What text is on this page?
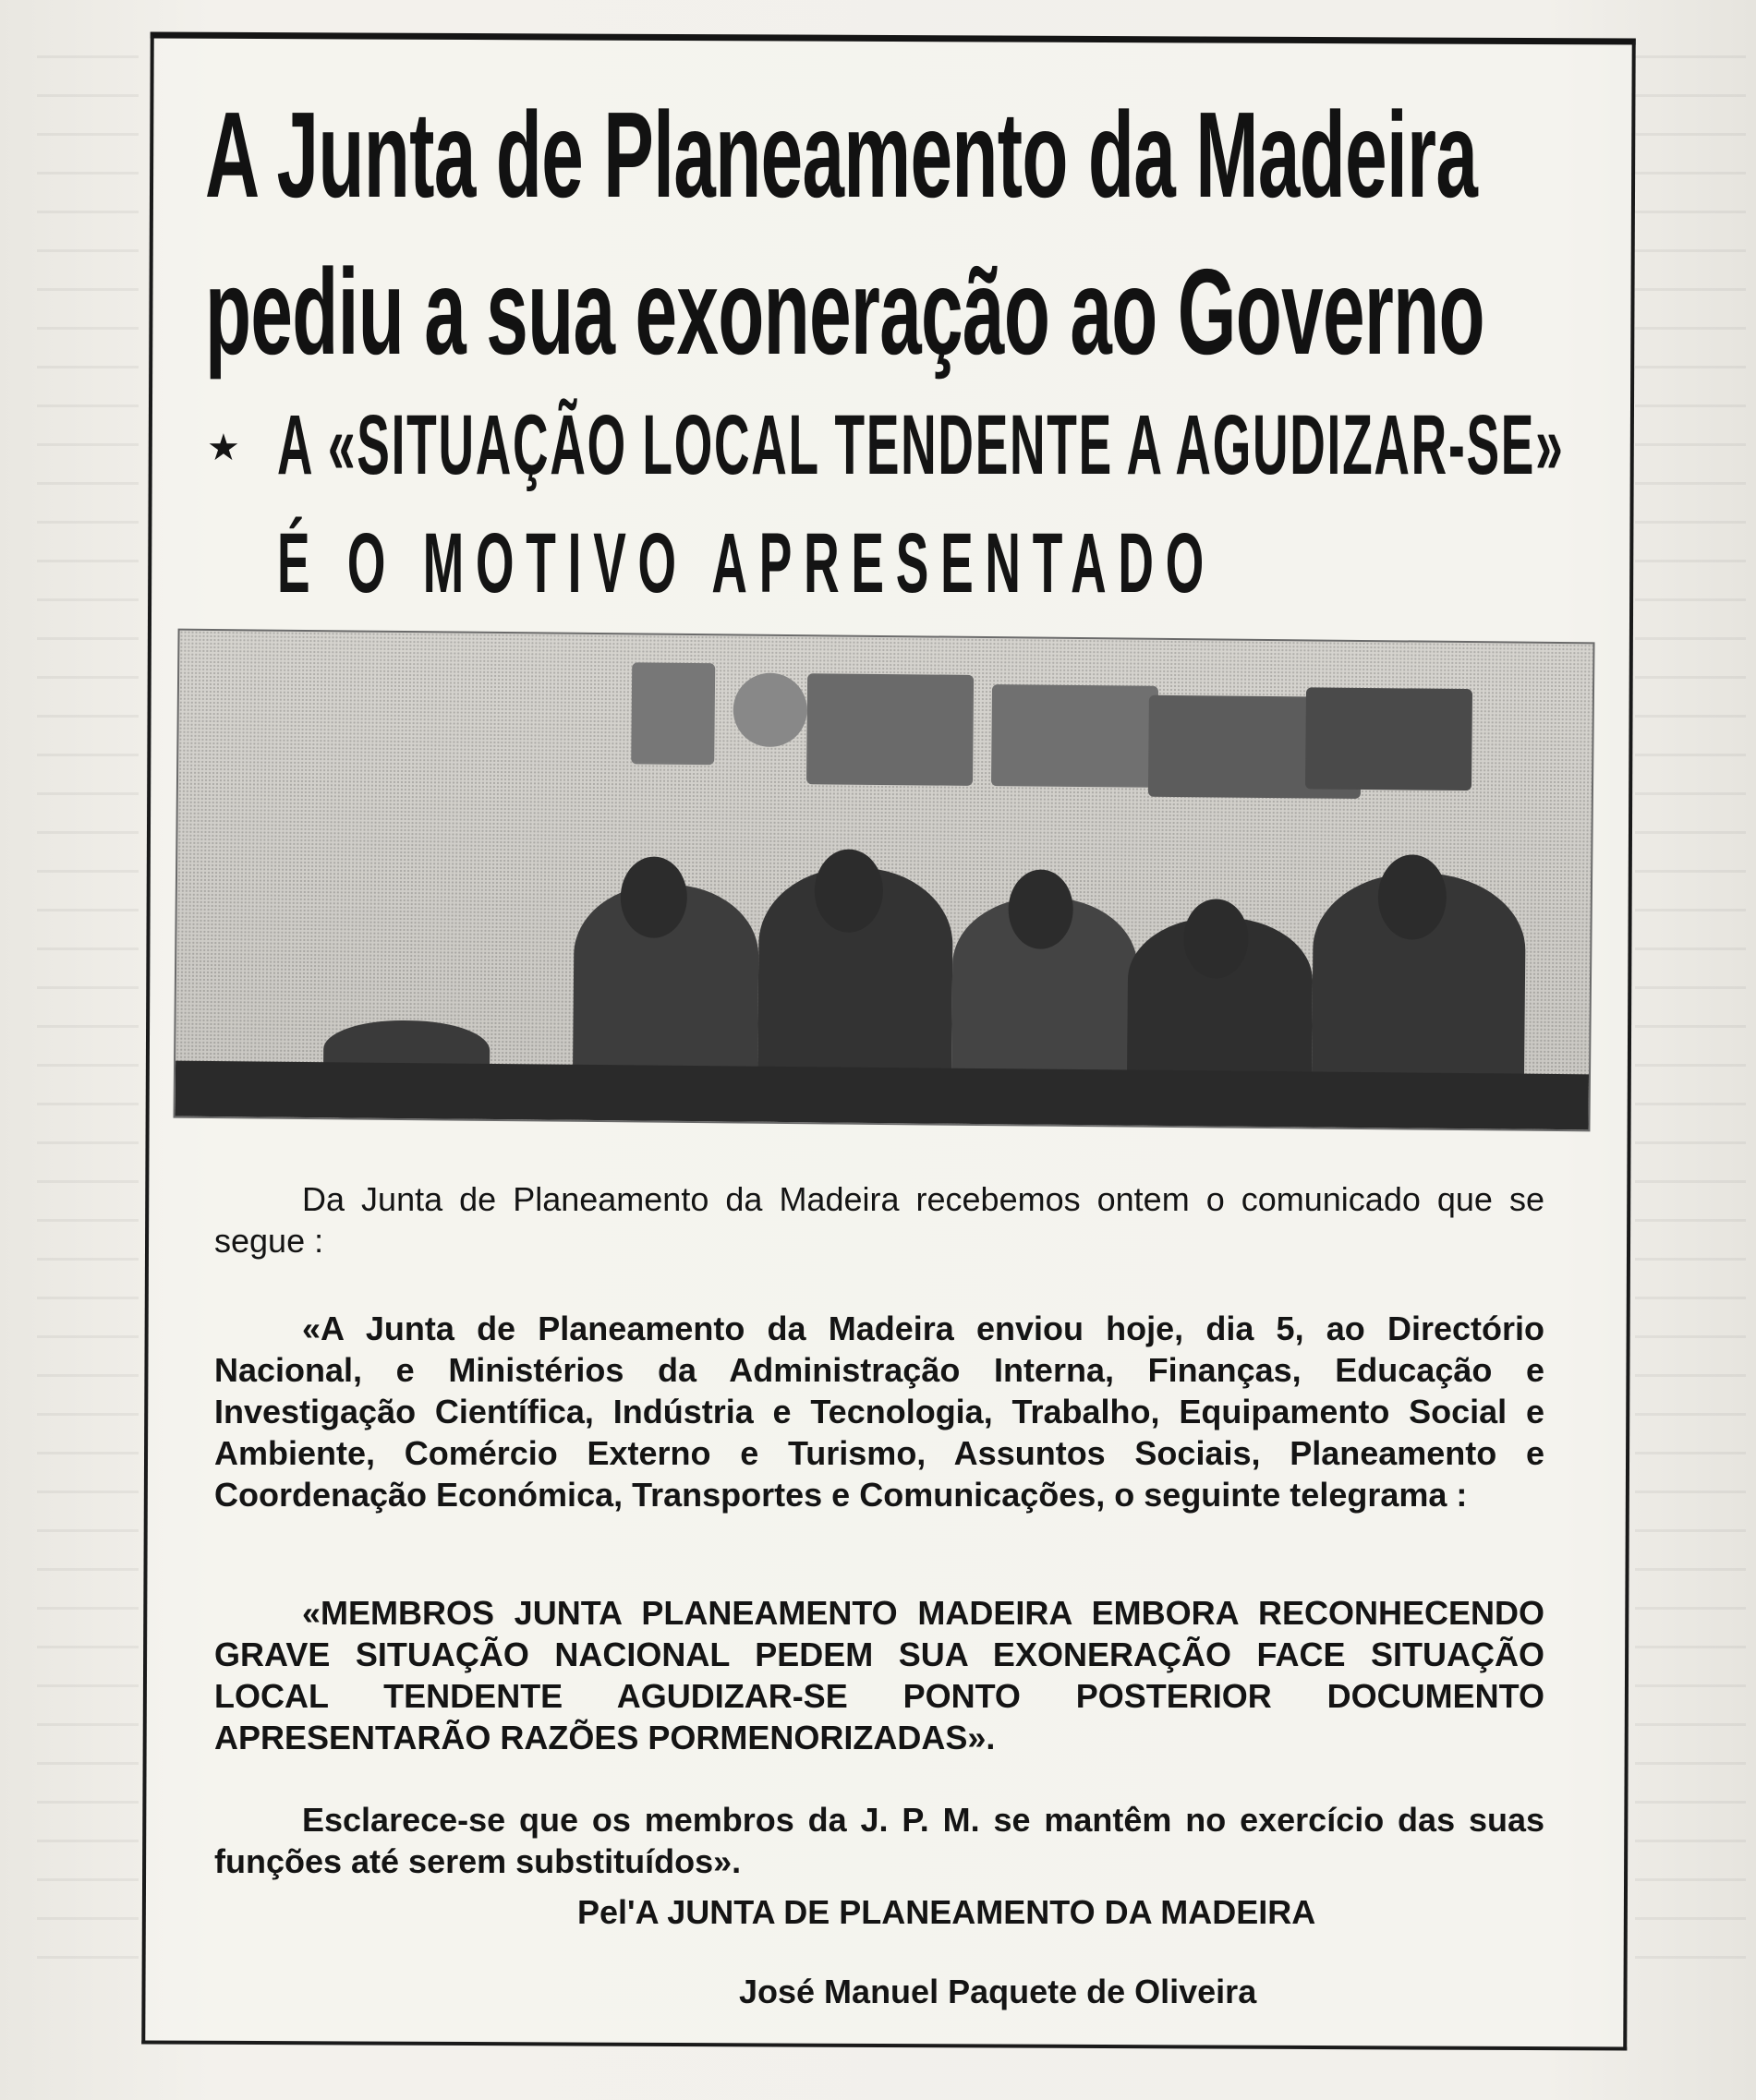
A Junta de Planeamento da Madeira
pediu a sua exoneração ao Governo
★ A «SITUAÇÃO LOCAL TENDENTE A AGUDIZAR-SE»
É O MOTIVO APRESENTADO

Da Junta de Planeamento da Madeira recebemos ontem o comunicado que se segue :

«A Junta de Planeamento da Madeira enviou hoje, dia 5, ao Directório Nacional, e Ministérios da Administração Interna, Finanças, Educação e Investigação Científica, Indústria e Tecnologia, Trabalho, Equipamento Social e Ambiente, Comércio Externo e Turismo, Assuntos Sociais, Planeamento e Coordenação Económica, Transportes e Comunicações, o seguinte telegrama :

«MEMBROS JUNTA PLANEAMENTO MADEIRA EMBORA RECONHECENDO GRAVE SITUAÇÃO NACIONAL PEDEM SUA EXONERAÇÃO FACE SITUAÇÃO LOCAL TENDENTE AGUDIZAR-SE PONTO POSTERIOR DOCUMENTO APRESENTARÃO RAZÕES PORMENORIZADAS».

Esclarece-se que os membros da J. P. M. se mantêm no exercício das suas funções até serem substituídos».

Pel'A JUNTA DE PLANEAMENTO DA MADEIRA
José Manuel Paquete de Oliveira
